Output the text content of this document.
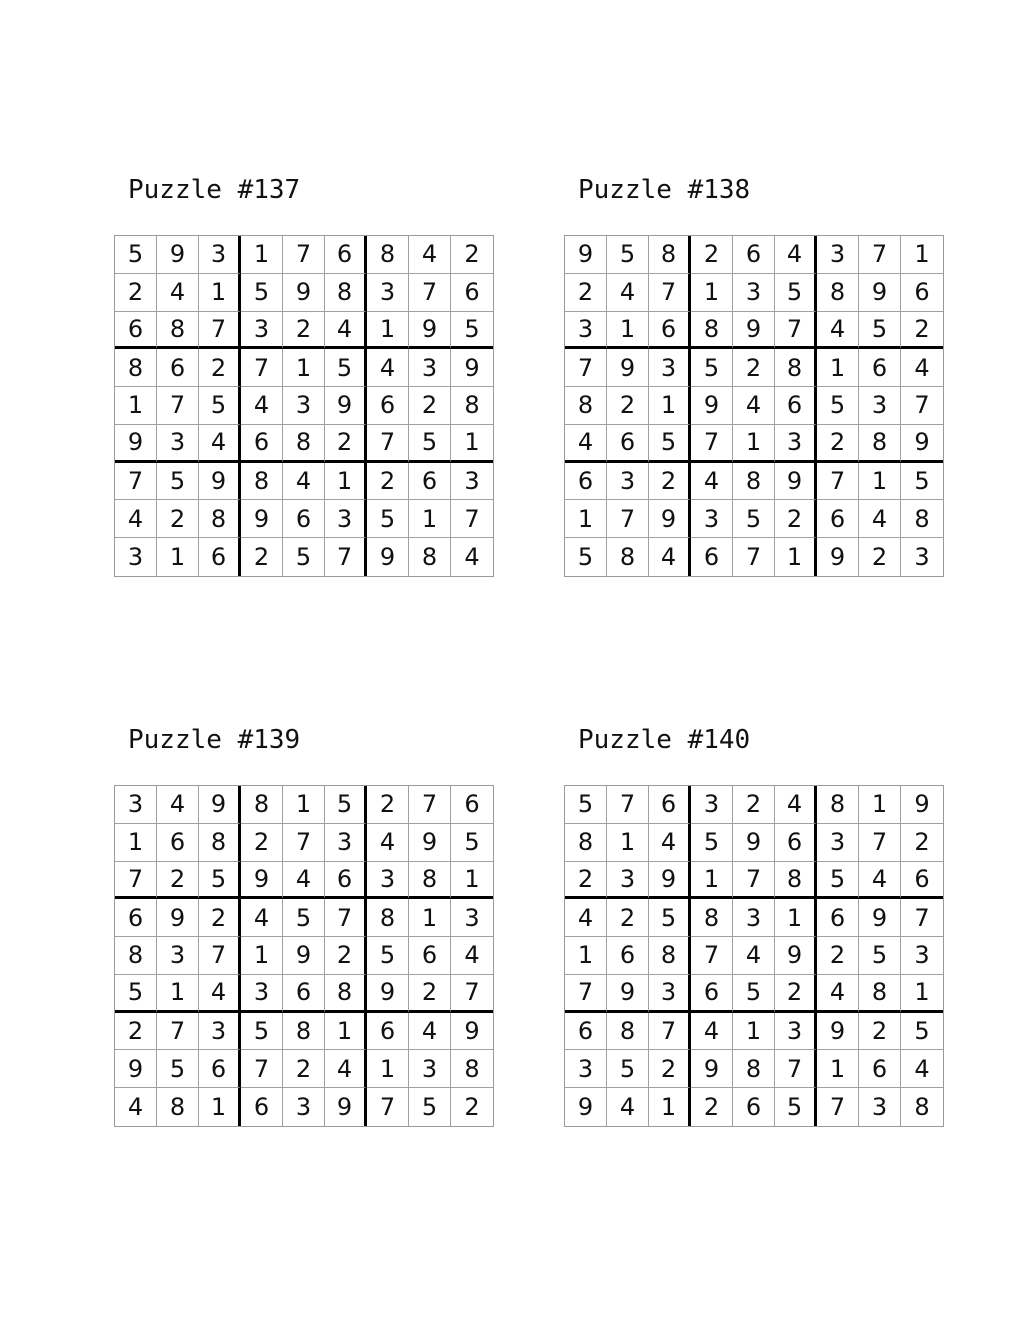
Puzzle #137
5	9	3	1	7	6	8	4	2
2	4	1	5	9	8	3	7	6
6	8	7	3	2	4	1	9	5
8	6	2	7	1	5	4	3	9
1	7	5	4	3	9	6	2	8
9	3	4	6	8	2	7	5	1
7	5	9	8	4	1	2	6	3
4	2	8	9	6	3	5	1	7
3	1	6	2	5	7	9	8	4
Puzzle #138
9	5	8	2	6	4	3	7	1
2	4	7	1	3	5	8	9	6
3	1	6	8	9	7	4	5	2
7	9	3	5	2	8	1	6	4
8	2	1	9	4	6	5	3	7
4	6	5	7	1	3	2	8	9
6	3	2	4	8	9	7	1	5
1	7	9	3	5	2	6	4	8
5	8	4	6	7	1	9	2	3
Puzzle #139
3	4	9	8	1	5	2	7	6
1	6	8	2	7	3	4	9	5
7	2	5	9	4	6	3	8	1
6	9	2	4	5	7	8	1	3
8	3	7	1	9	2	5	6	4
5	1	4	3	6	8	9	2	7
2	7	3	5	8	1	6	4	9
9	5	6	7	2	4	1	3	8
4	8	1	6	3	9	7	5	2
Puzzle #140
5	7	6	3	2	4	8	1	9
8	1	4	5	9	6	3	7	2
2	3	9	1	7	8	5	4	6
4	2	5	8	3	1	6	9	7
1	6	8	7	4	9	2	5	3
7	9	3	6	5	2	4	8	1
6	8	7	4	1	3	9	2	5
3	5	2	9	8	7	1	6	4
9	4	1	2	6	5	7	3	8
